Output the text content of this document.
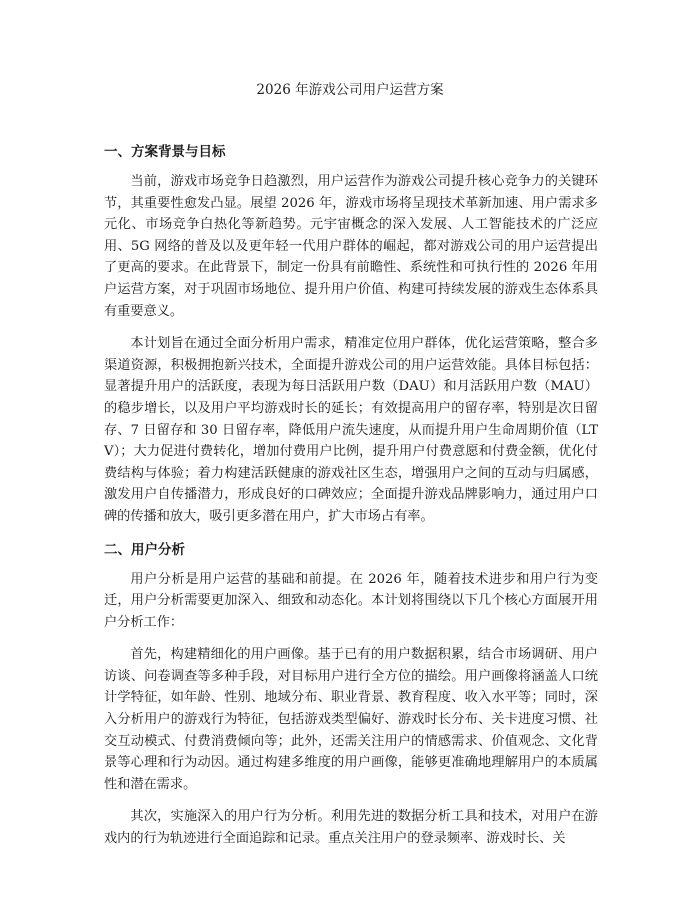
2026 年游戏公司用户运营方案
一、方案背景与目标

当前，游戏市场竞争日趋激烈，用户运营作为游戏公司提升核心竞争力的关键环节，其重要性愈发凸显。展望 2026 年，游戏市场将呈现技术革新加速、用户需求多元化、市场竞争白热化等新趋势。元宇宙概念的深入发展、人工智能技术的广泛应用、5G 网络的普及以及更年轻一代用户群体的崛起，都对游戏公司的用户运营提出了更高的要求。在此背景下，制定一份具有前瞻性、系统性和可执行性的 2026 年用户运营方案，对于巩固市场地位、提升用户价值、构建可持续发展的游戏生态体系具有重要意义。

本计划旨在通过全面分析用户需求，精准定位用户群体，优化运营策略，整合多渠道资源，积极拥抱新兴技术，全面提升游戏公司的用户运营效能。具体目标包括：显著提升用户的活跃度，表现为每日活跃用户数（DAU）和月活跃用户数（MAU）的稳步增长，以及用户平均游戏时长的延长；有效提高用户的留存率，特别是次日留存、7 日留存和 30 日留存率，降低用户流失速度，从而提升用户生命周期价值（LTV）；大力促进付费转化，增加付费用户比例，提升用户付费意愿和付费金额，优化付费结构与体验；着力构建活跃健康的游戏社区生态，增强用户之间的互动与归属感，激发用户自传播潜力，形成良好的口碑效应；全面提升游戏品牌影响力，通过用户口碑的传播和放大，吸引更多潜在用户，扩大市场占有率。

二、用户分析

用户分析是用户运营的基础和前提。在 2026 年，随着技术进步和用户行为变迁，用户分析需要更加深入、细致和动态化。本计划将围绕以下几个核心方面展开用户分析工作：

首先，构建精细化的用户画像。基于已有的用户数据积累，结合市场调研、用户访谈、问卷调查等多种手段，对目标用户进行全方位的描绘。用户画像将涵盖人口统计学特征，如年龄、性别、地域分布、职业背景、教育程度、收入水平等；同时，深入分析用户的游戏行为特征，包括游戏类型偏好、游戏时长分布、关卡进度习惯、社交互动模式、付费消费倾向等；此外，还需关注用户的情感需求、价值观念、文化背景等心理和行为动因。通过构建多维度的用户画像，能够更准确地理解用户的本质属性和潜在需求。

其次，实施深入的用户行为分析。利用先进的数据分析工具和技术，对用户在游戏内的行为轨迹进行全面追踪和记录。重点关注用户的登录频率、游戏时长、关
